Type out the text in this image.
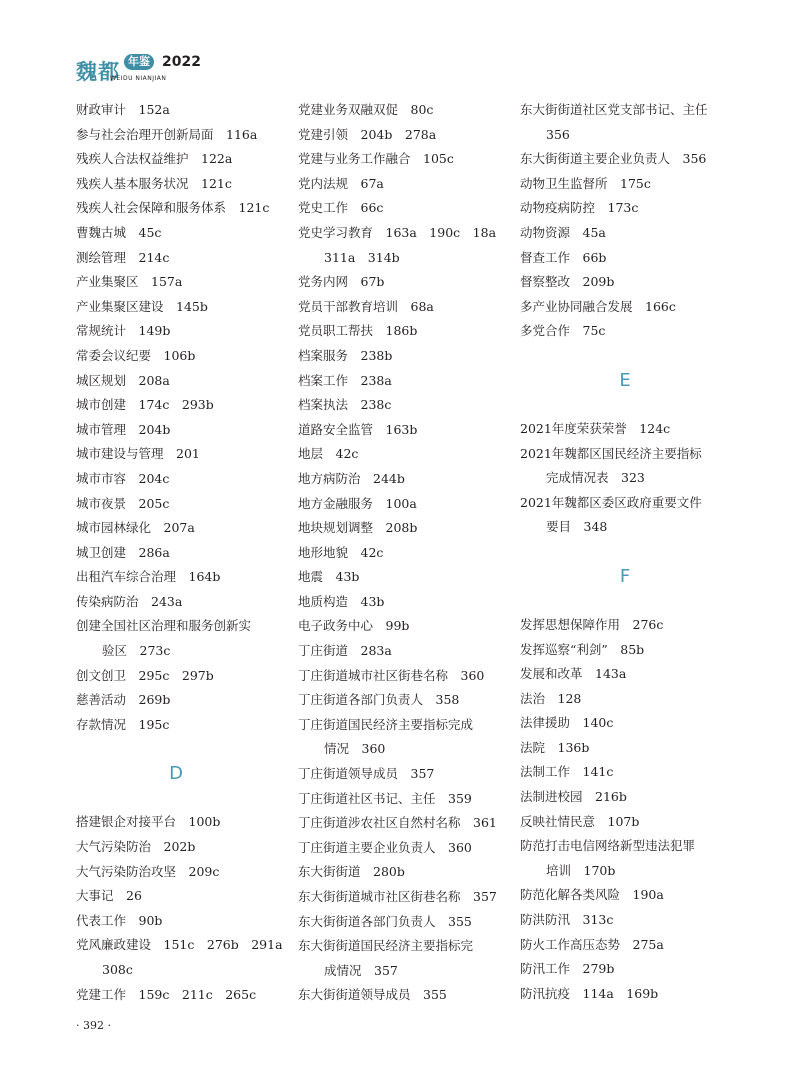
魏都 年鉴 2022
WEIDU NIANJIAN
财政审计　152a
参与社会治理开创新局面　116a
残疾人合法权益维护　122a
残疾人基本服务状况　121c
残疾人社会保障和服务体系　121c
曹魏古城　45c
测绘管理　214c
产业集聚区　157a
产业集聚区建设　145b
常规统计　149b
常委会议纪要　106b
城区规划　208a
城市创建　174c　293b
城市管理　204b
城市建设与管理　201
城市市容　204c
城市夜景　205c
城市园林绿化　207a
城卫创建　286a
出租汽车综合治理　164b
传染病防治　243a
创建全国社区治理和服务创新实
验区　273c
创文创卫　295c　297b
慈善活动　269b
存款情况　195c
D
搭建银企对接平台　100b
大气污染防治　202b
大气污染防治攻坚　209c
大事记　26
代表工作　90b
党风廉政建设　151c　276b　291a
308c
党建工作　159c　211c　265c
党建业务双融双促　80c
党建引领　204b　278a
党建与业务工作融合　105c
党内法规　67a
党史工作　66c
党史学习教育　163a　190c　18a
311a　314b
党务内网　67b
党员干部教育培训　68a
党员职工帮扶　186b
档案服务　238b
档案工作　238a
档案执法　238c
道路安全监管　163b
地层　42c
地方病防治　244b
地方金融服务　100a
地块规划调整　208b
地形地貌　42c
地震　43b
地质构造　43b
电子政务中心　99b
丁庄街道　283a
丁庄街道城市社区街巷名称　360
丁庄街道各部门负责人　358
丁庄街道国民经济主要指标完成
情况　360
丁庄街道领导成员　357
丁庄街道社区书记、主任　359
丁庄街道涉农社区自然村名称　361
丁庄街道主要企业负责人　360
东大街街道　280b
东大街街道城市社区街巷名称　357
东大街街道各部门负责人　355
东大街街道国民经济主要指标完
成情况　357
东大街街道领导成员　355
东大街街道社区党支部书记、主任
356
东大街街道主要企业负责人　356
动物卫生监督所　175c
动物疫病防控　173c
动物资源　45a
督查工作　66b
督察整改　209b
多产业协同融合发展　166c
多党合作　75c
E
2021年度荣获荣誉　124c
2021年魏都区国民经济主要指标
完成情况表　323
2021年魏都区委区政府重要文件
要目　348
F
发挥思想保障作用　276c
发挥巡察“利剑”　85b
发展和改革　143a
法治　128
法律援助　140c
法院　136b
法制工作　141c
法制进校园　216b
反映社情民意　107b
防范打击电信网络新型违法犯罪
培训　170b
防范化解各类风险　190a
防洪防汛　313c
防火工作高压态势　275a
防汛工作　279b
防汛抗疫　114a　169b
· 392 ·
